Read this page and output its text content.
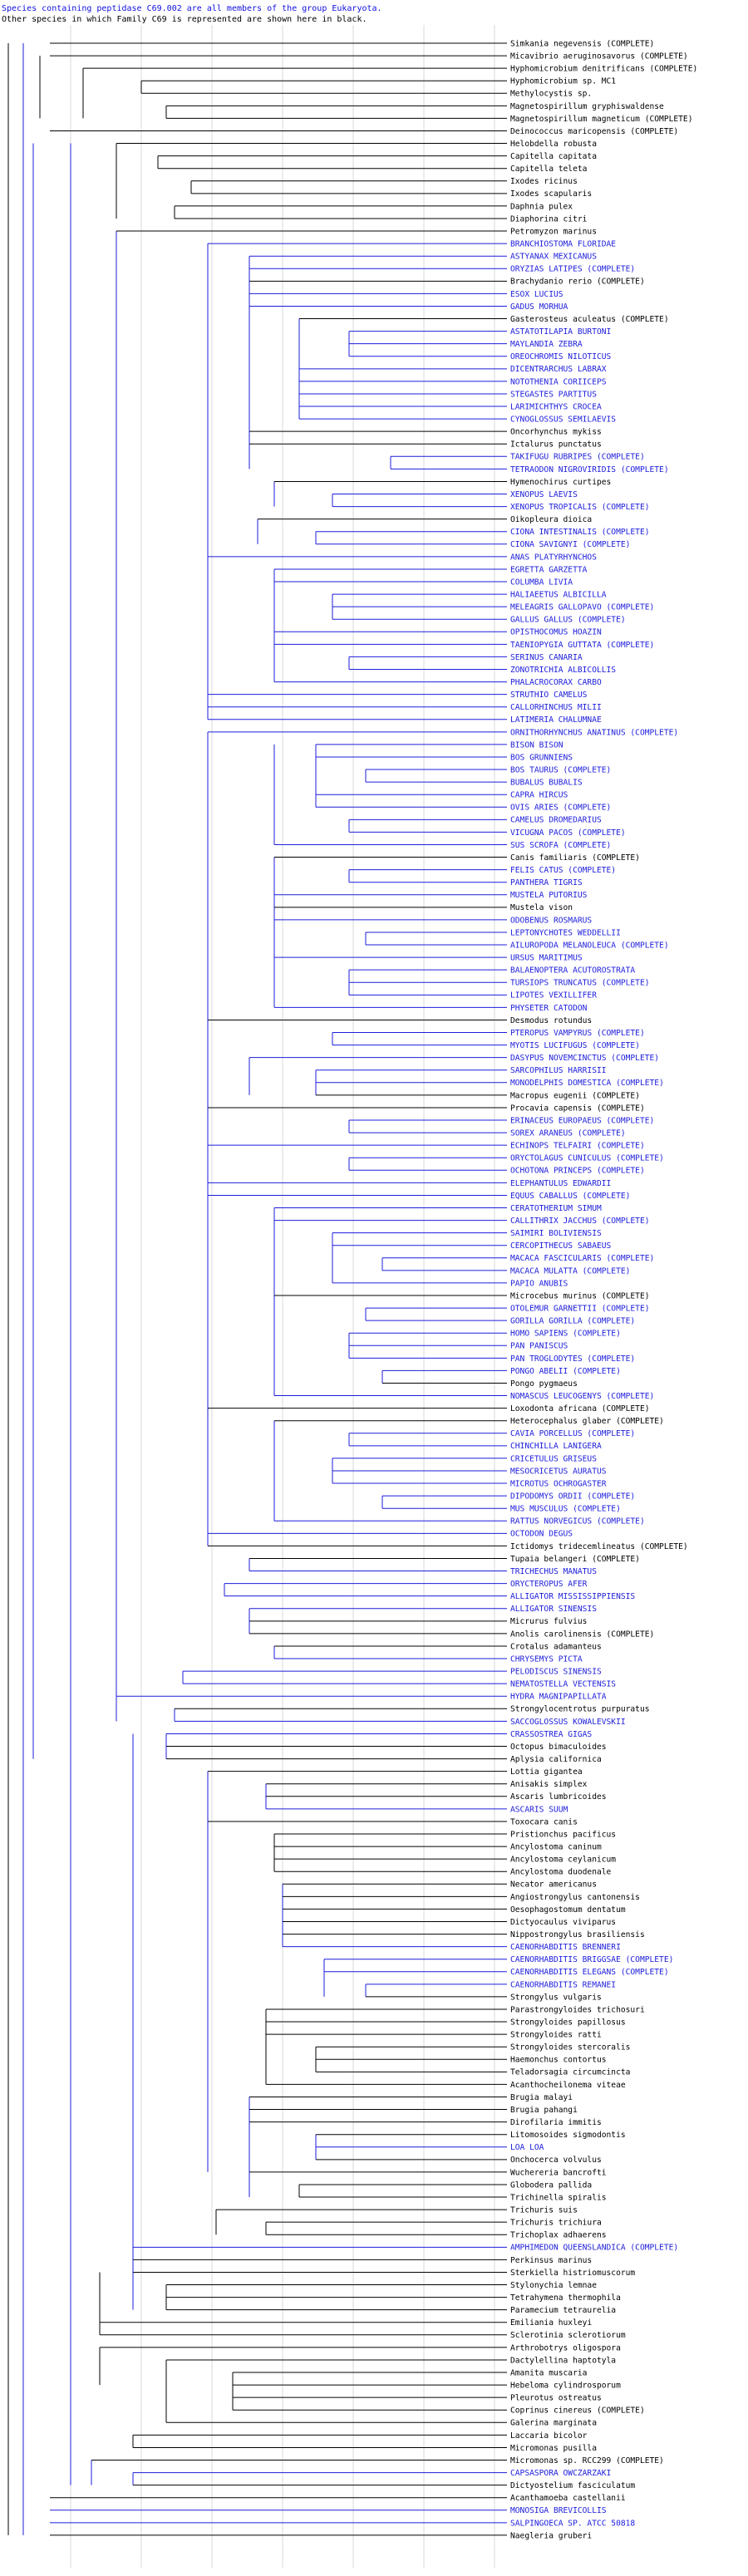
Species containing peptidase C69.002 are all members of the group Eukaryota.
Other species in which Family C69 is represented are shown here in black.
Simkania negevensis (COMPLETE)
Micavibrio aeruginosavorus (COMPLETE)
Hyphomicrobium denitrificans (COMPLETE)
Hyphomicrobium sp. MC1
Methylocystis sp.
Magnetospirillum gryphiswaldense
Magnetospirillum magneticum (COMPLETE)
Deinococcus maricopensis (COMPLETE)
Helobdella robusta
Capitella capitata
Capitella teleta
Ixodes ricinus
Ixodes scapularis
Daphnia pulex
Diaphorina citri
Petromyzon marinus
BRANCHIOSTOMA FLORIDAE
ASTYANAX MEXICANUS
ORYZIAS LATIPES (COMPLETE)
Brachydanio rerio (COMPLETE)
ESOX LUCIUS
GADUS MORHUA
Gasterosteus aculeatus (COMPLETE)
ASTATOTILAPIA BURTONI
MAYLANDIA ZEBRA
OREOCHROMIS NILOTICUS
DICENTRARCHUS LABRAX
NOTOTHENIA CORIICEPS
STEGASTES PARTITUS
LARIMICHTHYS CROCEA
CYNOGLOSSUS SEMILAEVIS
Oncorhynchus mykiss
Ictalurus punctatus
TAKIFUGU RUBRIPES (COMPLETE)
TETRAODON NIGROVIRIDIS (COMPLETE)
Hymenochirus curtipes
XENOPUS LAEVIS
XENOPUS TROPICALIS (COMPLETE)
Oikopleura dioica
CIONA INTESTINALIS (COMPLETE)
CIONA SAVIGNYI (COMPLETE)
ANAS PLATYRHYNCHOS
EGRETTA GARZETTA
COLUMBA LIVIA
HALIAEETUS ALBICILLA
MELEAGRIS GALLOPAVO (COMPLETE)
GALLUS GALLUS (COMPLETE)
OPISTHOCOMUS HOAZIN
TAENIOPYGIA GUTTATA (COMPLETE)
SERINUS CANARIA
ZONOTRICHIA ALBICOLLIS
PHALACROCORAX CARBO
STRUTHIO CAMELUS
CALLORHINCHUS MILII
LATIMERIA CHALUMNAE
ORNITHORHYNCHUS ANATINUS (COMPLETE)
BISON BISON
BOS GRUNNIENS
BOS TAURUS (COMPLETE)
BUBALUS BUBALIS
CAPRA HIRCUS
OVIS ARIES (COMPLETE)
CAMELUS DROMEDARIUS
VICUGNA PACOS (COMPLETE)
SUS SCROFA (COMPLETE)
Canis familiaris (COMPLETE)
FELIS CATUS (COMPLETE)
PANTHERA TIGRIS
MUSTELA PUTORIUS
Mustela vison
ODOBENUS ROSMARUS
LEPTONYCHOTES WEDDELLII
AILUROPODA MELANOLEUCA (COMPLETE)
URSUS MARITIMUS
BALAENOPTERA ACUTOROSTRATA
TURSIOPS TRUNCATUS (COMPLETE)
LIPOTES VEXILLIFER
PHYSETER CATODON
Desmodus rotundus
PTEROPUS VAMPYRUS (COMPLETE)
MYOTIS LUCIFUGUS (COMPLETE)
DASYPUS NOVEMCINCTUS (COMPLETE)
SARCOPHILUS HARRISII
MONODELPHIS DOMESTICA (COMPLETE)
Macropus eugenii (COMPLETE)
Procavia capensis (COMPLETE)
ERINACEUS EUROPAEUS (COMPLETE)
SOREX ARANEUS (COMPLETE)
ECHINOPS TELFAIRI (COMPLETE)
ORYCTOLAGUS CUNICULUS (COMPLETE)
OCHOTONA PRINCEPS (COMPLETE)
ELEPHANTULUS EDWARDII
EQUUS CABALLUS (COMPLETE)
CERATOTHERIUM SIMUM
CALLITHRIX JACCHUS (COMPLETE)
SAIMIRI BOLIVIENSIS
CERCOPITHECUS SABAEUS
MACACA FASCICULARIS (COMPLETE)
MACACA MULATTA (COMPLETE)
PAPIO ANUBIS
Microcebus murinus (COMPLETE)
OTOLEMUR GARNETTII (COMPLETE)
GORILLA GORILLA (COMPLETE)
HOMO SAPIENS (COMPLETE)
PAN PANISCUS
PAN TROGLODYTES (COMPLETE)
PONGO ABELII (COMPLETE)
Pongo pygmaeus
NOMASCUS LEUCOGENYS (COMPLETE)
Loxodonta africana (COMPLETE)
Heterocephalus glaber (COMPLETE)
CAVIA PORCELLUS (COMPLETE)
CHINCHILLA LANIGERA
CRICETULUS GRISEUS
MESOCRICETUS AURATUS
MICROTUS OCHROGASTER
DIPODOMYS ORDII (COMPLETE)
MUS MUSCULUS (COMPLETE)
RATTUS NORVEGICUS (COMPLETE)
OCTODON DEGUS
Ictidomys tridecemlineatus (COMPLETE)
Tupaia belangeri (COMPLETE)
TRICHECHUS MANATUS
ORYCTEROPUS AFER
ALLIGATOR MISSISSIPPIENSIS
ALLIGATOR SINENSIS
Micrurus fulvius
Anolis carolinensis (COMPLETE)
Crotalus adamanteus
CHRYSEMYS PICTA
PELODISCUS SINENSIS
NEMATOSTELLA VECTENSIS
HYDRA MAGNIPAPILLATA
Strongylocentrotus purpuratus
SACCOGLOSSUS KOWALEVSKII
CRASSOSTREA GIGAS
Octopus bimaculoides
Aplysia californica
Lottia gigantea
Anisakis simplex
Ascaris lumbricoides
ASCARIS SUUM
Toxocara canis
Pristionchus pacificus
Ancylostoma caninum
Ancylostoma ceylanicum
Ancylostoma duodenale
Necator americanus
Angiostrongylus cantonensis
Oesophagostomum dentatum
Dictyocaulus viviparus
Nippostrongylus brasiliensis
CAENORHABDITIS BRENNERI
CAENORHABDITIS BRIGGSAE (COMPLETE)
CAENORHABDITIS ELEGANS (COMPLETE)
CAENORHABDITIS REMANEI
Strongylus vulgaris
Parastrongyloides trichosuri
Strongyloides papillosus
Strongyloides ratti
Strongyloides stercoralis
Haemonchus contortus
Teladorsagia circumcincta
Acanthocheilonema viteae
Brugia malayi
Brugia pahangi
Dirofilaria immitis
Litomosoides sigmodontis
LOA LOA
Onchocerca volvulus
Wuchereria bancrofti
Globodera pallida
Trichinella spiralis
Trichuris suis
Trichuris trichiura
Trichoplax adhaerens
AMPHIMEDON QUEENSLANDICA (COMPLETE)
Perkinsus marinus
Sterkiella histriomuscorum
Stylonychia lemnae
Tetrahymena thermophila
Paramecium tetraurelia
Emiliania huxleyi
Sclerotinia sclerotiorum
Arthrobotrys oligospora
Dactylellina haptotyla
Amanita muscaria
Hebeloma cylindrosporum
Pleurotus ostreatus
Coprinus cinereus (COMPLETE)
Galerina marginata
Laccaria bicolor
Micromonas pusilla
Micromonas sp. RCC299 (COMPLETE)
CAPSASPORA OWCZARZAKI
Dictyostelium fasciculatum
Acanthamoeba castellanii
MONOSIGA BREVICOLLIS
SALPINGOECA SP. ATCC 50818
Naegleria gruberi
